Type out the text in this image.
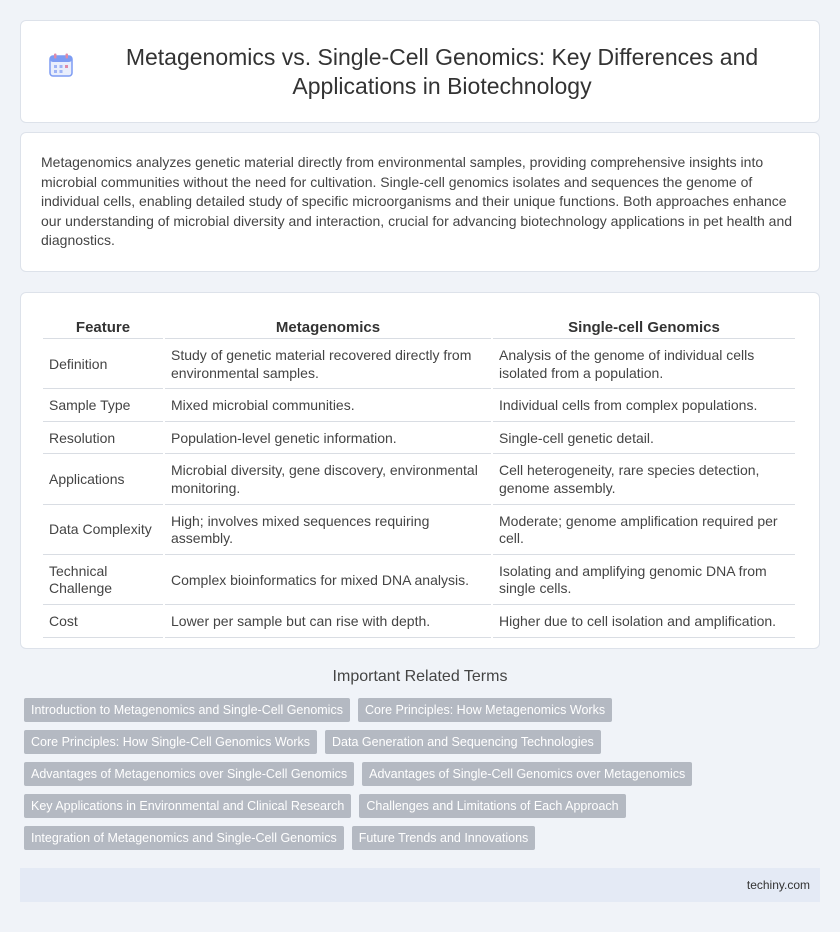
Metagenomics vs. Single-Cell Genomics: Key Differences and Applications in Biotechnology

Metagenomics analyzes genetic material directly from environmental samples, providing comprehensive insights into microbial communities without the need for cultivation. Single-cell genomics isolates and sequences the genome of individual cells, enabling detailed study of specific microorganisms and their unique functions. Both approaches enhance our understanding of microbial diversity and interaction, crucial for advancing biotechnology applications in pet health and diagnostics.

Feature	Metagenomics	Single-cell Genomics
Definition	Study of genetic material recovered directly from environmental samples.	Analysis of the genome of individual cells isolated from a population.
Sample Type	Mixed microbial communities.	Individual cells from complex populations.
Resolution	Population-level genetic information.	Single-cell genetic detail.
Applications	Microbial diversity, gene discovery, environmental monitoring.	Cell heterogeneity, rare species detection, genome assembly.
Data Complexity	High; involves mixed sequences requiring assembly.	Moderate; genome amplification required per cell.
Technical Challenge	Complex bioinformatics for mixed DNA analysis.	Isolating and amplifying genomic DNA from single cells.
Cost	Lower per sample but can rise with depth.	Higher due to cell isolation and amplification.
Important Related Terms
Introduction to Metagenomics and Single-Cell Genomics	Core Principles: How Metagenomics Works
Core Principles: How Single-Cell Genomics Works	Data Generation and Sequencing Technologies
Advantages of Metagenomics over Single-Cell Genomics	Advantages of Single-Cell Genomics over Metagenomics
Key Applications in Environmental and Clinical Research	Challenges and Limitations of Each Approach
Integration of Metagenomics and Single-Cell Genomics	Future Trends and Innovations
techiny.com
